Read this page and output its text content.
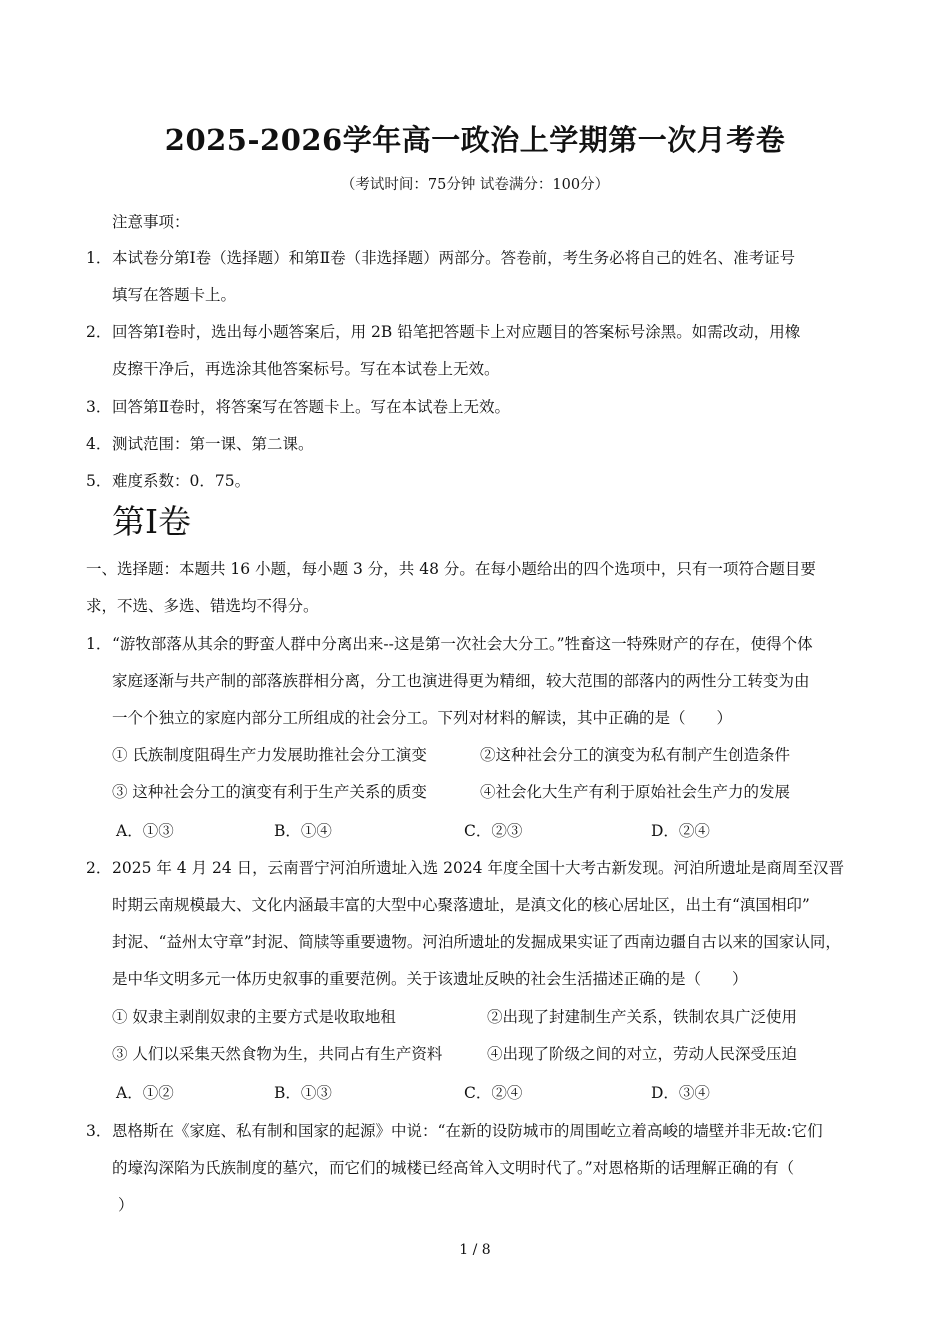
2025-2026学年高一政治上学期第一次月考卷
（考试时间：75分钟 试卷满分：100分）
注意事项：
1． 本试卷分第Ⅰ卷（选择题）和第Ⅱ卷（非选择题）两部分。答卷前，考生务必将自己的姓名、准考证号
填写在答题卡上。
2． 回答第Ⅰ卷时，选出每小题答案后，用 2B 铅笔把答题卡上对应题目的答案标号涂黑。如需改动，用橡
皮擦干净后，再选涂其他答案标号。写在本试卷上无效。
3． 回答第Ⅱ卷时，将答案写在答题卡上。写在本试卷上无效。
4． 测试范围：第一课、第二课。
5． 难度系数：0．75。
第Ⅰ卷
一、选择题：本题共 16 小题，每小题 3 分，共 48 分。在每小题给出的四个选项中，只有一项符合题目要
求，不选、多选、错选均不得分。
1． “游牧部落从其余的野蛮人群中分离出来--这是第一次社会大分工。”牲畜这一特殊财产的存在，使得个体
家庭逐渐与共产制的部落族群相分离，分工也演进得更为精细，较大范围的部落内的两性分工转变为由
一个个独立的家庭内部分工所组成的社会分工。下列对材料的解读，其中正确的是（　　）
① 氏族制度阻碍生产力发展助推社会分工演变	②这种社会分工的演变为私有制产生创造条件
③ 这种社会分工的演变有利于生产关系的质变	④社会化大生产有利于原始社会生产力的发展
A．①③	B．①④	C．②③	D．②④
2． 2025 年 4 月 24 日，云南晋宁河泊所遗址入选 2024 年度全国十大考古新发现。河泊所遗址是商周至汉晋
时期云南规模最大、文化内涵最丰富的大型中心聚落遗址，是滇文化的核心居址区，出土有“滇国相印”
封泥、“益州太守章”封泥、简牍等重要遗物。河泊所遗址的发掘成果实证了西南边疆自古以来的国家认同，
是中华文明多元一体历史叙事的重要范例。关于该遗址反映的社会生活描述正确的是（　　）
① 奴隶主剥削奴隶的主要方式是收取地租	②出现了封建制生产关系，铁制农具广泛使用
③ 人们以采集天然食物为生，共同占有生产资料	④出现了阶级之间的对立，劳动人民深受压迫
A．①②	B．①③	C．②④	D．③④
3． 恩格斯在《家庭、私有制和国家的起源》中说：“在新的设防城市的周围屹立着高峻的墙壁并非无故:它们
的壕沟深陷为氏族制度的墓穴，而它们的城楼已经高耸入文明时代了。”对恩格斯的话理解正确的有（
）
1 / 8
